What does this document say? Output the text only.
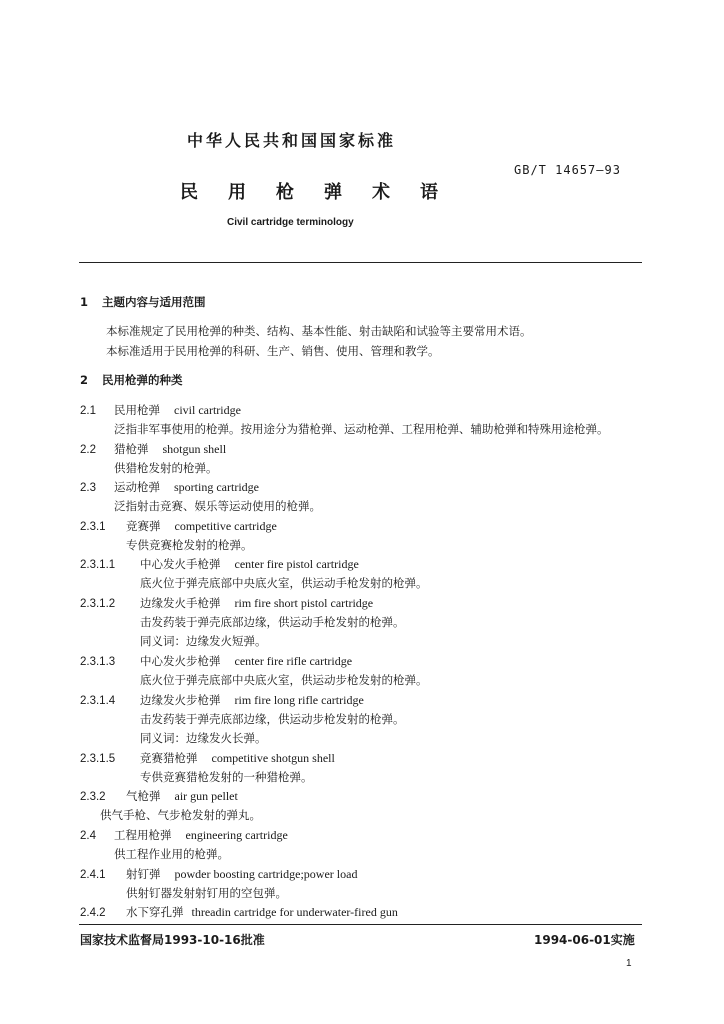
中华人民共和国国家标准
GB/T 14657—93
民用枪弹术语
Civil cartridge terminology
1 主题内容与适用范围
本标准规定了民用枪弹的种类、结构、基本性能、射击缺陷和试验等主要常用术语。
本标准适用于民用枪弹的科研、生产、销售、使用、管理和教学。
2 民用枪弹的种类
2.1 民用枪弹 civil cartridge
泛指非军事使用的枪弹。按用途分为猎枪弹、运动枪弹、工程用枪弹、辅助枪弹和特殊用途枪弹。
2.2 猎枪弹 shotgun shell
供猎枪发射的枪弹。
2.3 运动枪弹 sporting cartridge
泛指射击竞赛、娱乐等运动使用的枪弹。
2.3.1 竞赛弹 competitive cartridge
专供竞赛枪发射的枪弹。
2.3.1.1 中心发火手枪弹 center fire pistol cartridge
底火位于弹壳底部中央底火室，供运动手枪发射的枪弹。
2.3.1.2 边缘发火手枪弹 rim fire short pistol cartridge
击发药装于弹壳底部边缘，供运动手枪发射的枪弹。
同义词：边缘发火短弹。
2.3.1.3 中心发火步枪弹 center fire rifle cartridge
底火位于弹壳底部中央底火室，供运动步枪发射的枪弹。
2.3.1.4 边缘发火步枪弹 rim fire long rifle cartridge
击发药装于弹壳底部边缘，供运动步枪发射的枪弹。
同义词：边缘发火长弹。
2.3.1.5 竞赛猎枪弹 competitive shotgun shell
专供竞赛猎枪发射的一种猎枪弹。
2.3.2 气枪弹 air gun pellet
供气手枪、气步枪发射的弹丸。
2.4 工程用枪弹 engineering cartridge
供工程作业用的枪弹。
2.4.1 射钉弹 powder boosting cartridge;power load
供射钉器发射射钉用的空包弹。
2.4.2 水下穿孔弹 threadin cartridge for underwater-fired gun
国家技术监督局1993-10-16批准	1994-06-01实施
1
